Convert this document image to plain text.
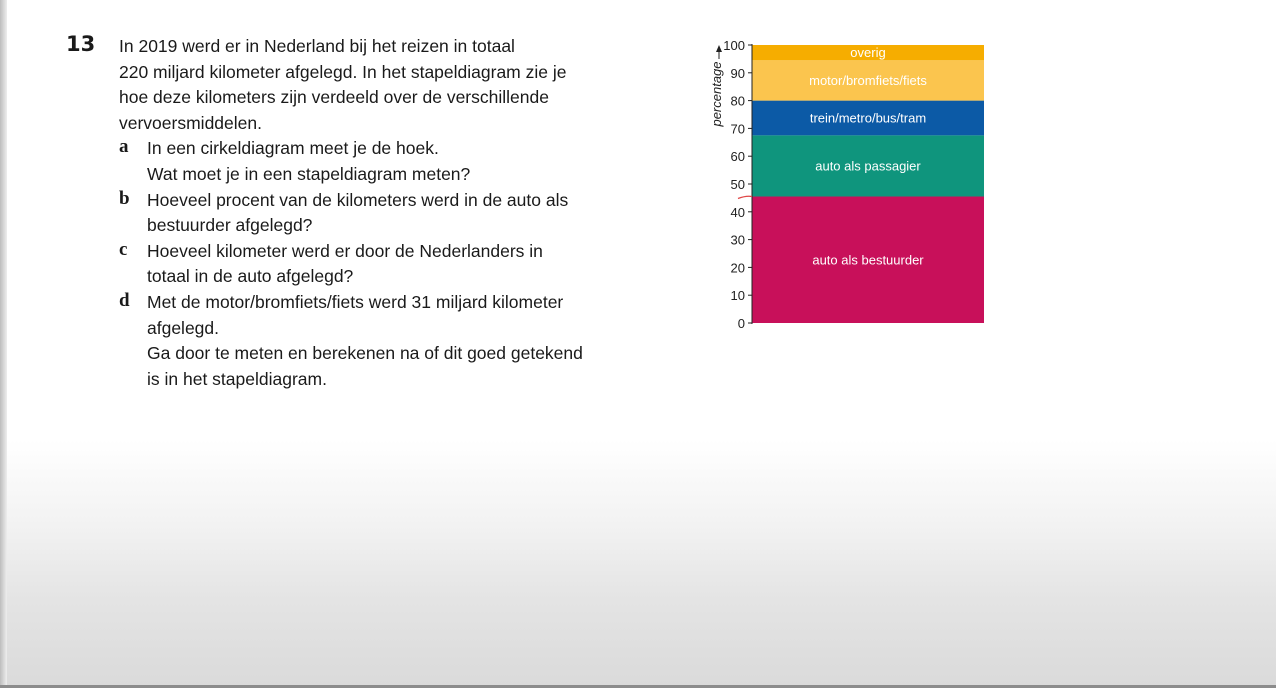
13 In 2019 werd er in Nederland bij het reizen in totaal
220 miljard kilometer afgelegd. In het stapeldiagram zie je
hoe deze kilometers zijn verdeeld over de verschillende
vervoersmiddelen.
a In een cirkeldiagram meet je de hoek.
Wat moet je in een stapeldiagram meten?
b Hoeveel procent van de kilometers werd in de auto als
bestuurder afgelegd?
c Hoeveel kilometer werd er door de Nederlanders in
totaal in de auto afgelegd?
d Met de motor/bromfiets/fiets werd 31 miljard kilometer
afgelegd.
Ga door te meten en berekenen na of dit goed getekend
is in het stapeldiagram.
auto als bestuurder
auto als passagier
trein/metro/bus/tram
motor/bromfiets/fiets
overig
0
10
20
30
40
50
60
70
80
90
100
percentage
